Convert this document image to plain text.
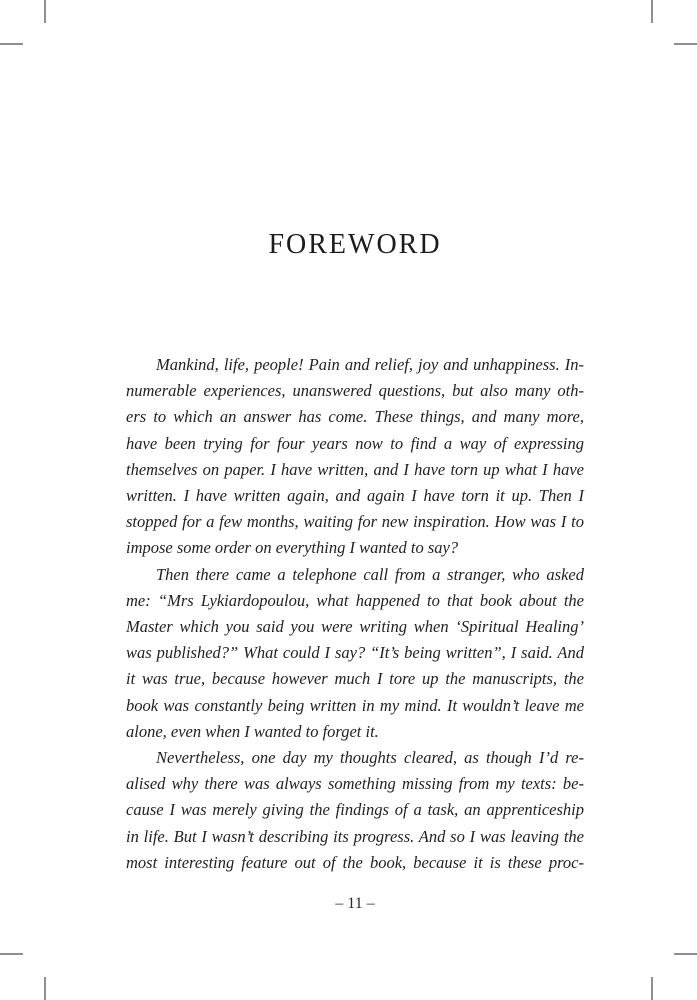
FOREWORD
Mankind, life, people! Pain and relief, joy and unhappiness. In-
numerable experiences, unanswered questions, but also many oth-
ers to which an answer has come. These things, and many more,
have been trying for four years now to find a way of expressing
themselves on paper. I have written, and I have torn up what I have
written. I have written again, and again I have torn it up. Then I
stopped for a few months, waiting for new inspiration. How was I to
impose some order on everything I wanted to say?
Then there came a telephone call from a stranger, who asked
me: “Mrs Lykiardopoulou, what happened to that book about the
Master which you said you were writing when ‘Spiritual Healing’
was published?” What could I say? “It’s being written”, I said. And
it was true, because however much I tore up the manuscripts, the
book was constantly being written in my mind. It wouldn’t leave me
alone, even when I wanted to forget it.
Nevertheless, one day my thoughts cleared, as though I’d re-
alised why there was always something missing from my texts: be-
cause I was merely giving the findings of a task, an apprenticeship
in life. But I wasn’t describing its progress. And so I was leaving the
most interesting feature out of the book, because it is these proc-
– 11 –
